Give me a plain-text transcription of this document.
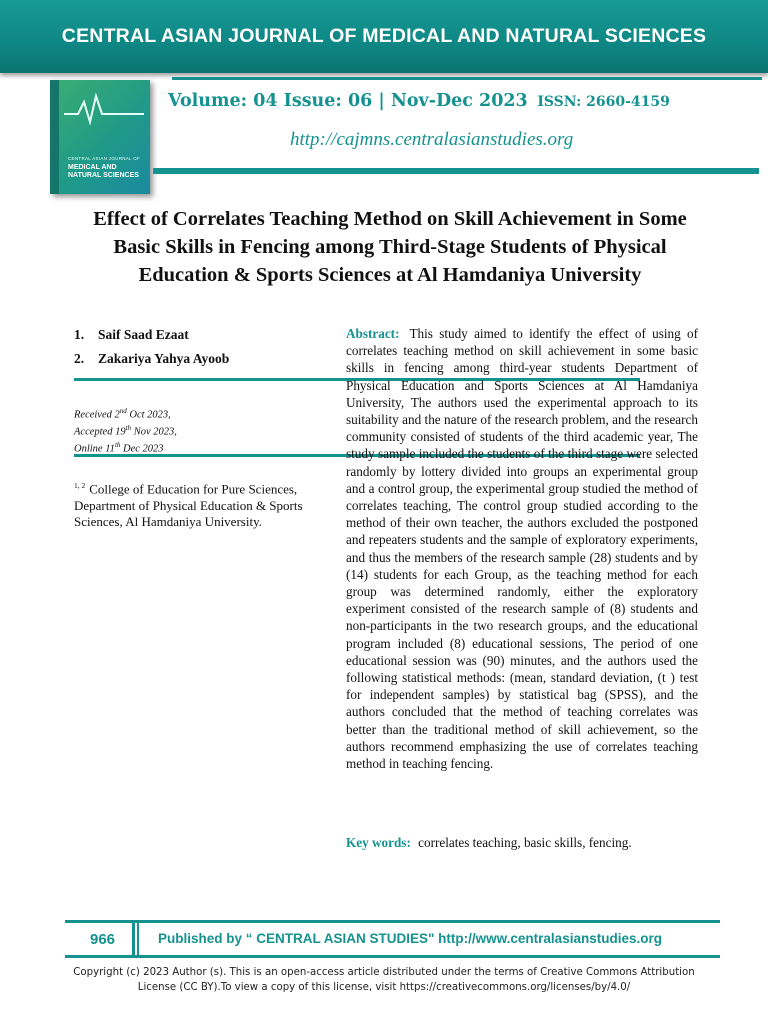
CENTRAL ASIAN JOURNAL OF MEDICAL AND NATURAL SCIENCES
CENTRAL ASIAN JOURNAL OF
MEDICAL AND
NATURAL SCIENCES
Volume: 04 Issue: 06 | Nov-Dec 2023 ISSN: 2660-4159
http://cajmns.centralasianstudies.org
Effect of Correlates Teaching Method on Skill Achievement in Some Basic Skills in Fencing among Third-Stage Students of Physical Education & Sports Sciences at Al Hamdaniya University
1. Saif Saad Ezaat
2. Zakariya Yahya Ayoob
Received 2nd Oct 2023,
Accepted 19th Nov 2023,
Online 11th Dec 2023
$^{1, 2}$ College of Education for Pure Sciences, Department of Physical Education & Sports Sciences, Al Hamdaniya University.
Abstract: This study aimed to identify the effect of using of correlates teaching method on skill achievement in some basic skills in fencing among third-year students Department of Physical Education and Sports Sciences at Al Hamdaniya University, The authors used the experimental approach to its suitability and the nature of the research problem, and the research community consisted of students of the third academic year, The study sample included the students of the third stage were selected randomly by lottery divided into groups an experimental group and a control group, the experimental group studied the method of correlates teaching, The control group studied according to the method of their own teacher, the authors excluded the postponed and repeaters students and the sample of exploratory experiments, and thus the members of the research sample (28) students and by (14) students for each Group, as the teaching method for each group was determined randomly, either the exploratory experiment consisted of the research sample of (8) students and non-participants in the two research groups, and the educational program included (8) educational sessions, The period of one educational session was (90) minutes, and the authors used the following statistical methods: (mean, standard deviation, (t ) test for independent samples) by statistical bag (SPSS), and the authors concluded that the method of teaching correlates was better than the traditional method of skill achievement, so the authors recommend emphasizing the use of correlates teaching method in teaching fencing.
Key words: correlates teaching, basic skills, fencing.
966	Published by “ CENTRAL ASIAN STUDIES" http://www.centralasianstudies.org
Copyright (c) 2023 Author (s). This is an open-access article distributed under the terms of Creative Commons Attribution License (CC BY).To view a copy of this license, visit https://creativecommons.org/licenses/by/4.0/
